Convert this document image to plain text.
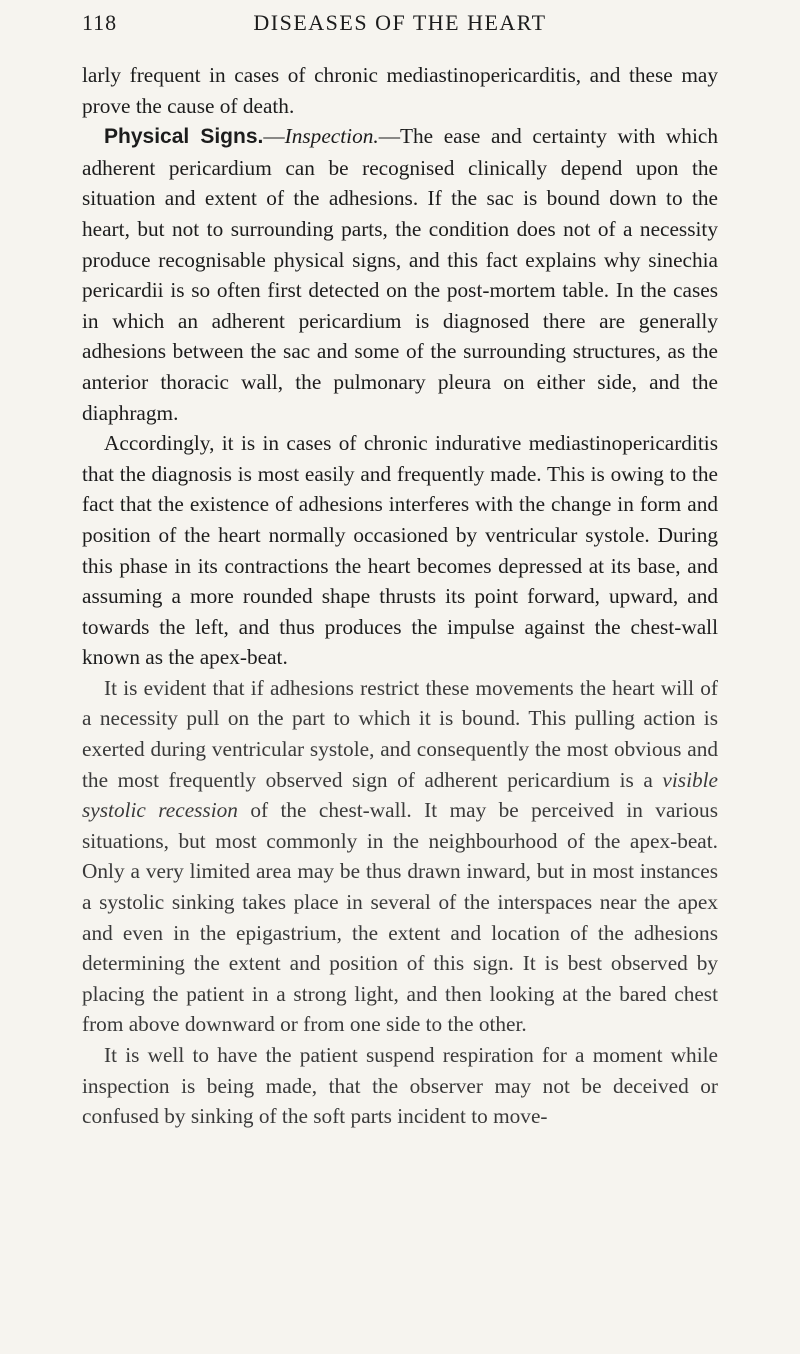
118	DISEASES OF THE HEART

larly frequent in cases of chronic mediastinopericarditis, and these may prove the cause of death.

Physical Signs.—Inspection.—The ease and certainty with which adherent pericardium can be recognised clinically depend upon the situation and extent of the adhesions. If the sac is bound down to the heart, but not to surrounding parts, the condition does not of a necessity produce recognisable physical signs, and this fact explains why sinechia pericardii is so often first detected on the post-mortem table. In the cases in which an adherent pericardium is diagnosed there are generally adhesions between the sac and some of the surrounding structures, as the anterior thoracic wall, the pulmonary pleura on either side, and the diaphragm.

Accordingly, it is in cases of chronic indurative mediastinopericarditis that the diagnosis is most easily and frequently made. This is owing to the fact that the existence of adhesions interferes with the change in form and position of the heart normally occasioned by ventricular systole. During this phase in its contractions the heart becomes depressed at its base, and assuming a more rounded shape thrusts its point forward, upward, and towards the left, and thus produces the impulse against the chest-wall known as the apex-beat.

It is evident that if adhesions restrict these movements the heart will of a necessity pull on the part to which it is bound. This pulling action is exerted during ventricular systole, and consequently the most obvious and the most frequently observed sign of adherent pericardium is a visible systolic recession of the chest-wall. It may be perceived in various situations, but most commonly in the neighbourhood of the apex-beat. Only a very limited area may be thus drawn inward, but in most instances a systolic sinking takes place in several of the interspaces near the apex and even in the epigastrium, the extent and location of the adhesions determining the extent and position of this sign. It is best observed by placing the patient in a strong light, and then looking at the bared chest from above downward or from one side to the other.

It is well to have the patient suspend respiration for a moment while inspection is being made, that the observer may not be deceived or confused by sinking of the soft parts incident to move-
